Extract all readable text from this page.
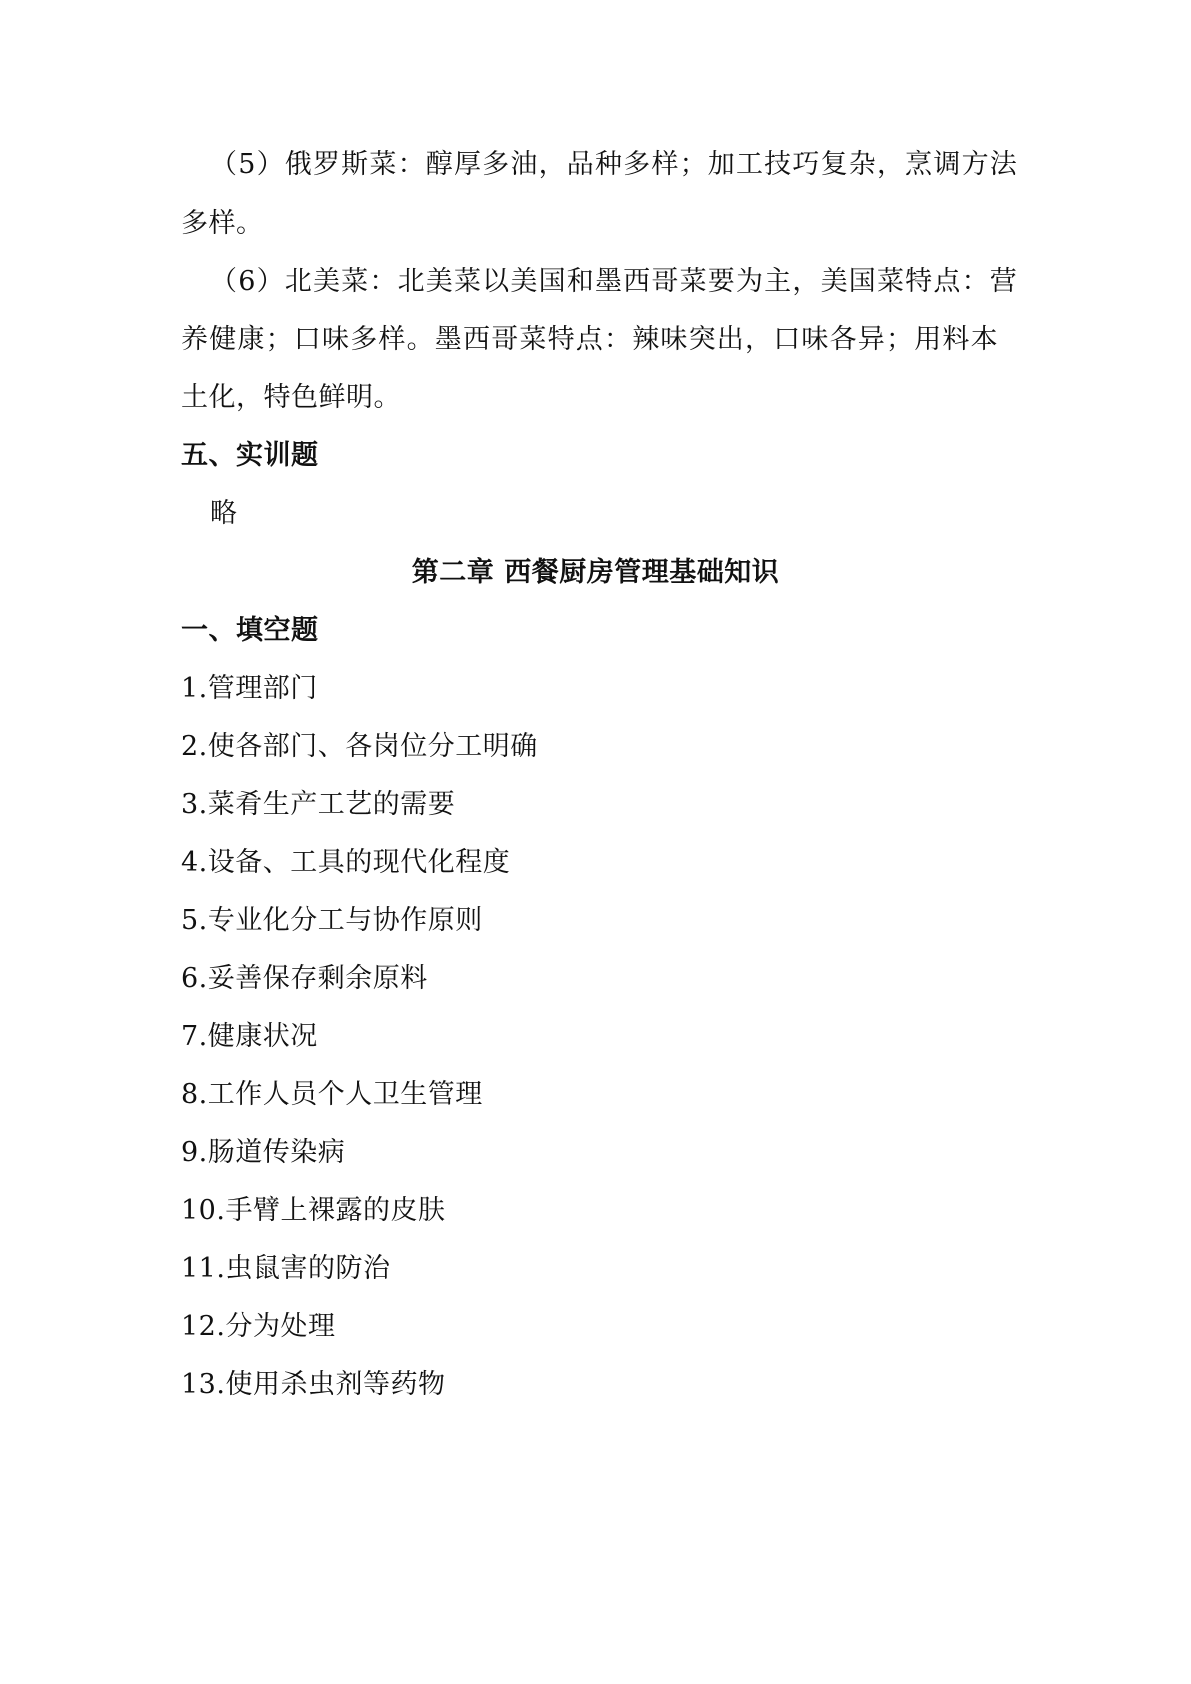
（5）俄罗斯菜：醇厚多油，品种多样；加工技巧复杂，烹调方法
多样。
（6）北美菜：北美菜以美国和墨西哥菜要为主，美国菜特点：营
养健康；口味多样。墨西哥菜特点：辣味突出，口味各异；用料本
土化，特色鲜明。
五、实训题
略
第二章 西餐厨房管理基础知识
一、填空题
1.管理部门
2.使各部门、各岗位分工明确
3.菜肴生产工艺的需要
4.设备、工具的现代化程度
5.专业化分工与协作原则
6.妥善保存剩余原料
7.健康状况
8.工作人员个人卫生管理
9.肠道传染病
10.手臂上裸露的皮肤
11.虫鼠害的防治
12.分为处理
13.使用杀虫剂等药物
